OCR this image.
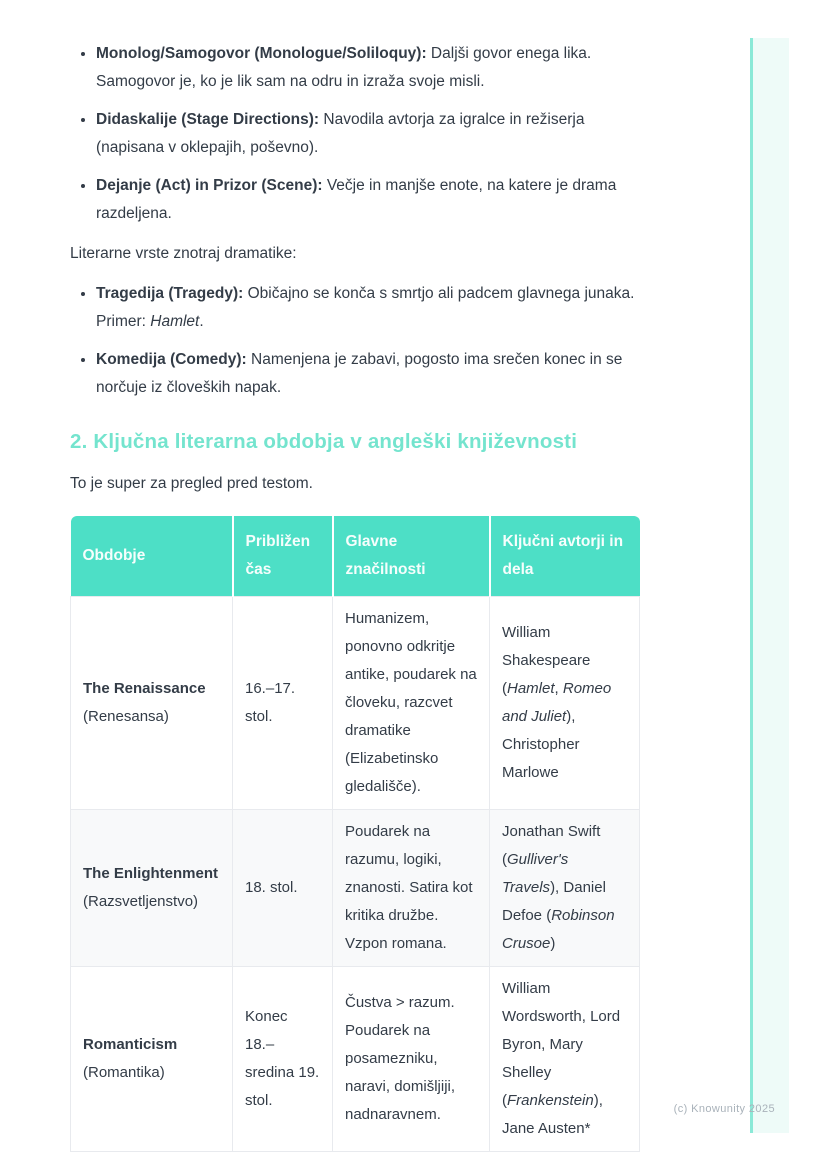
• Monolog/Samogovor (Monologue/Soliloquy): Daljši govor enega lika. Samogovor je, ko je lik sam na odru in izraža svoje misli.
• Didaskalije (Stage Directions): Navodila avtorja za igralce in režiserja (napisana v oklepajih, poševno).
• Dejanje (Act) in Prizor (Scene): Večje in manjše enote, na katere je drama razdeljena.

Literarne vrste znotraj dramatike:

• Tragedija (Tragedy): Običajno se konča s smrtjo ali padcem glavnega junaka. Primer: Hamlet.
• Komedija (Comedy): Namenjena je zabavi, pogosto ima srečen konec in se norčuje iz človeških napak.
2. Ključna literarna obdobja v angleški književnosti

To je super za pregled pred testom.

Obdobje	Približen čas	Glavne značilnosti	Ključni avtorji in dela
The Renaissance (Renesansa)	16.–17. stol.	Humanizem, ponovno odkritje antike, poudarek na človeku, razcvet dramatike (Elizabetinsko gledališče).	William Shakespeare (Hamlet, Romeo and Juliet), Christopher Marlowe
The Enlightenment (Razsvetljenstvo)	18. stol.	Poudarek na razumu, logiki, znanosti. Satira kot kritika družbe. Vzpon romana.	Jonathan Swift (Gulliver's Travels), Daniel Defoe (Robinson Crusoe)
Romanticism (Romantika)	Konec 18.– sredina 19. stol.	Čustva > razum. Poudarek na posamezniku, naravi, domišljiji, nadnaravnem.	William Wordsworth, Lord Byron, Mary Shelley (Frankenstein), Jane Austen*
(c) Knowunity 2025
